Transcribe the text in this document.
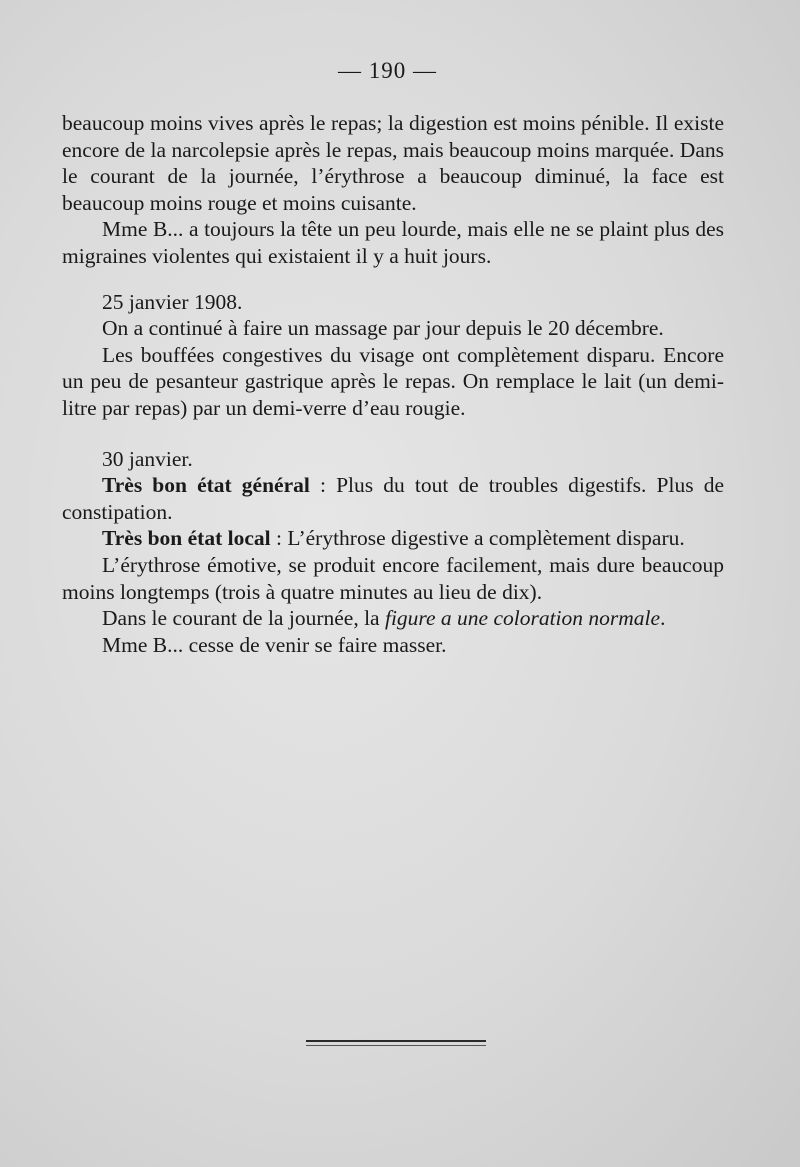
— 190 —

beaucoup moins vives après le repas; la digestion est moins pénible. Il existe encore de la narcolepsie après le repas, mais beaucoup moins marquée. Dans le courant de la journée, l’érythrose a beaucoup diminué, la face est beaucoup moins rouge et moins cuisante.

Mme B... a toujours la tête un peu lourde, mais elle ne se plaint plus des migraines violentes qui existaient il y a huit jours.

25 janvier 1908.

On a continué à faire un massage par jour depuis le 20 décembre.

Les bouffées congestives du visage ont complètement disparu. Encore un peu de pesanteur gastrique après le repas. On remplace le lait (un demi-litre par repas) par un demi-verre d’eau rougie.

30 janvier.

Très bon état général : Plus du tout de troubles digestifs. Plus de constipation.

Très bon état local : L’érythrose digestive a complètement disparu.

L’érythrose émotive, se produit encore facilement, mais dure beaucoup moins longtemps (trois à quatre minutes au lieu de dix).

Dans le courant de la journée, la figure a une coloration normale.

Mme B... cesse de venir se faire masser.
